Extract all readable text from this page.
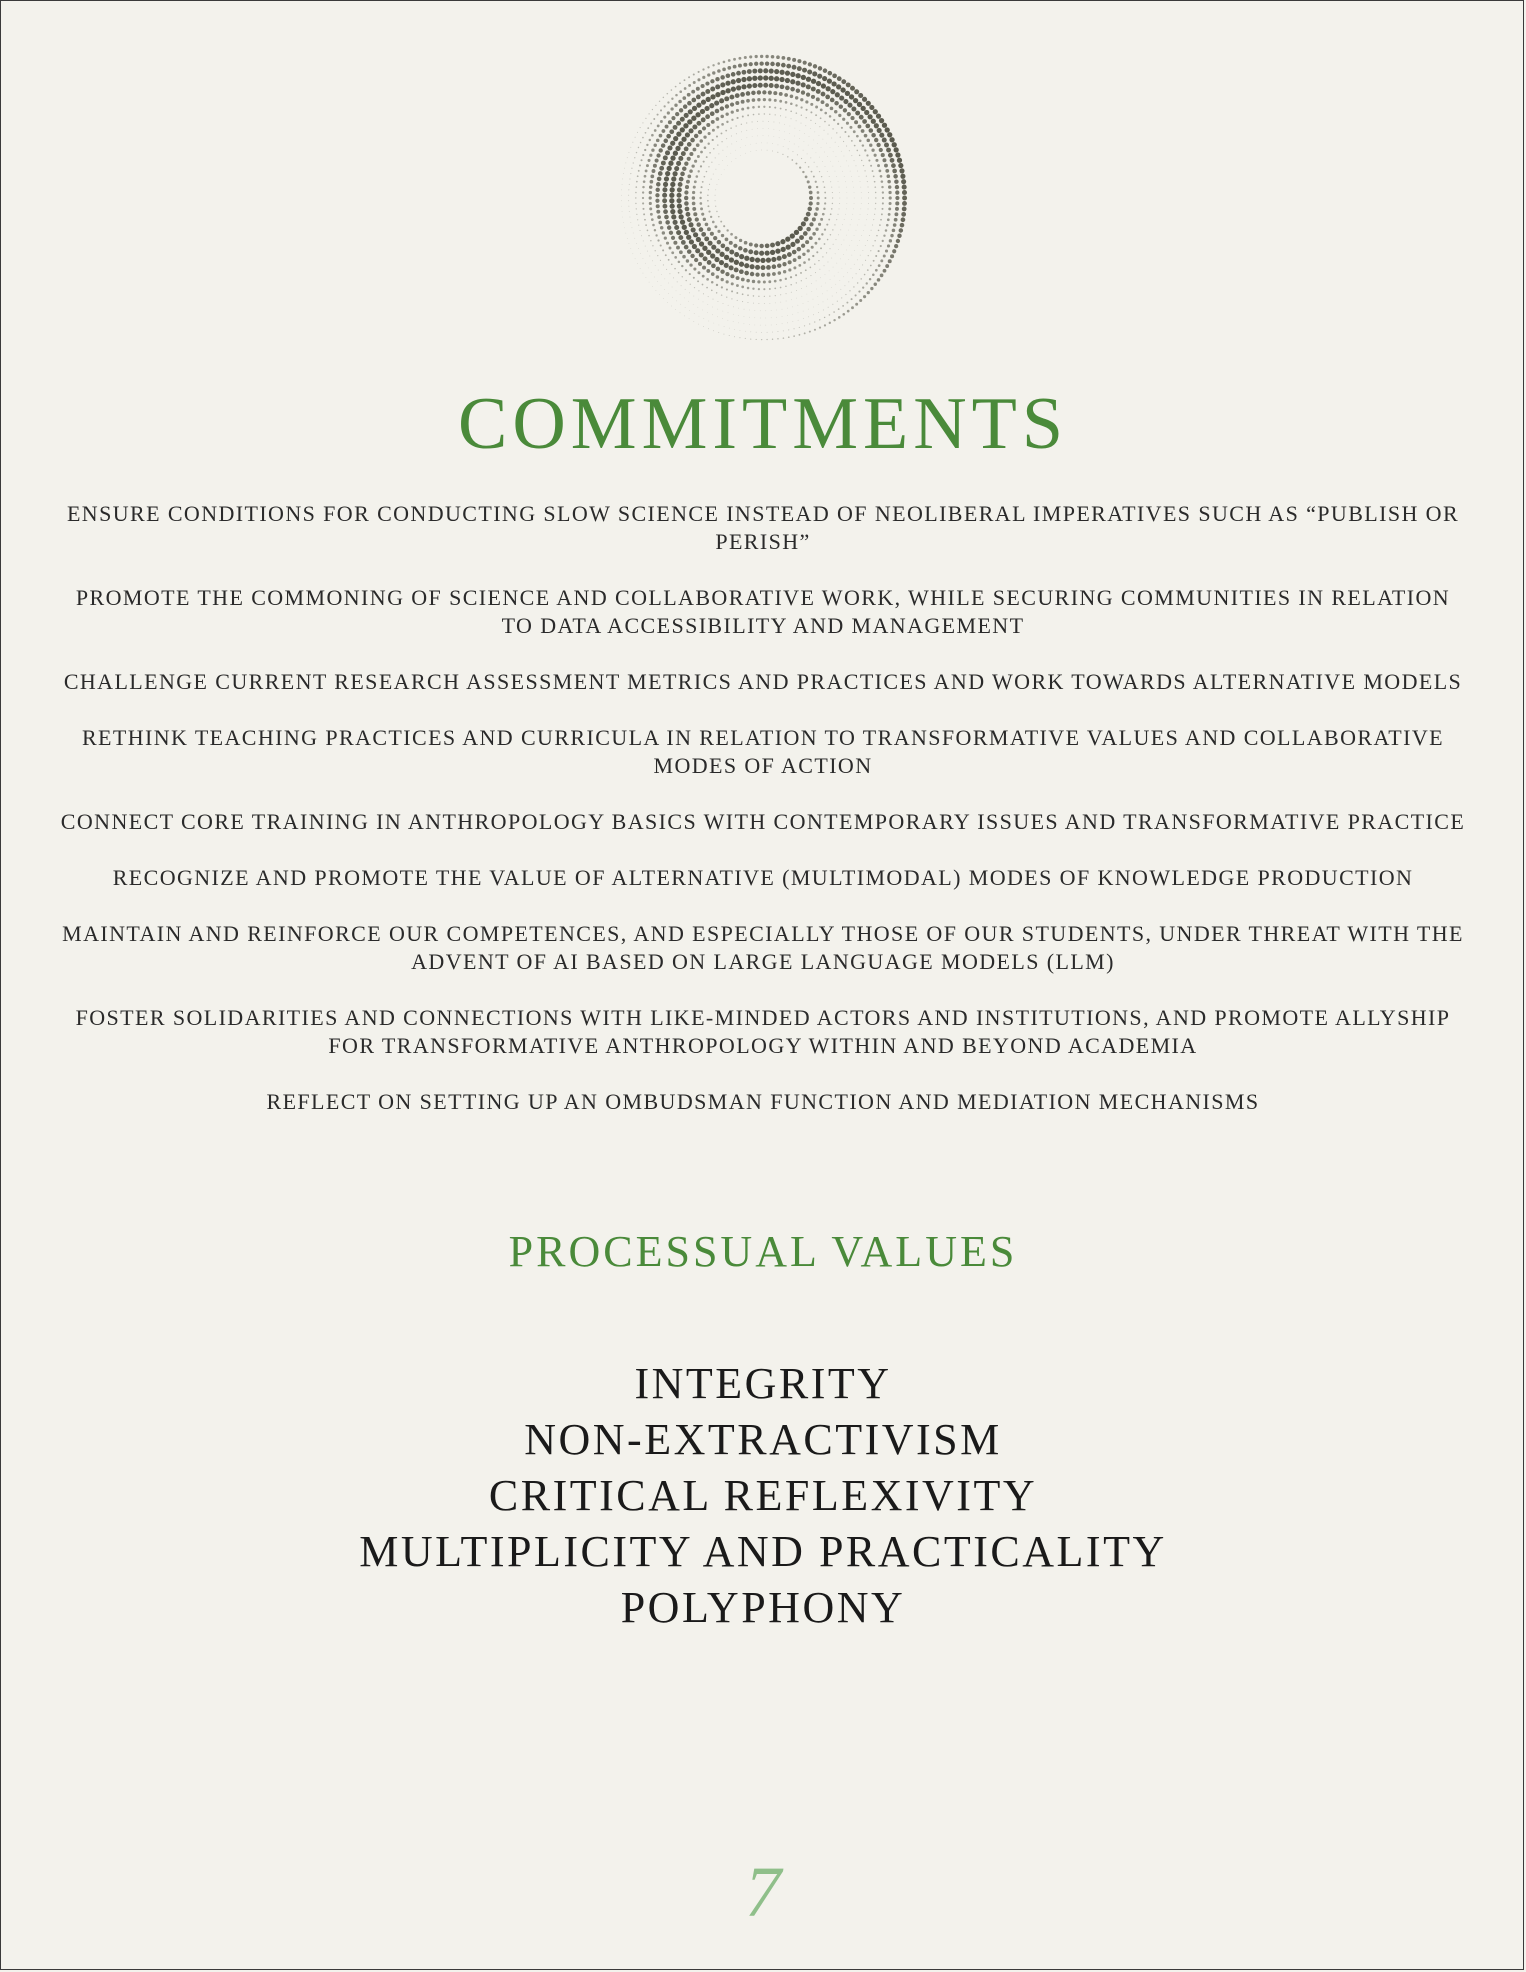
COMMITMENTS
ENSURE CONDITIONS FOR CONDUCTING SLOW SCIENCE INSTEAD OF NEOLIBERAL IMPERATIVES SUCH AS “PUBLISH OR PERISH”
PROMOTE THE COMMONING OF SCIENCE AND COLLABORATIVE WORK, WHILE SECURING COMMUNITIES IN RELATION TO DATA ACCESSIBILITY AND MANAGEMENT
CHALLENGE CURRENT RESEARCH ASSESSMENT METRICS AND PRACTICES AND WORK TOWARDS ALTERNATIVE MODELS
RETHINK TEACHING PRACTICES AND CURRICULA IN RELATION TO TRANSFORMATIVE VALUES AND COLLABORATIVE MODES OF ACTION
CONNECT CORE TRAINING IN ANTHROPOLOGY BASICS WITH CONTEMPORARY ISSUES AND TRANSFORMATIVE PRACTICE
RECOGNIZE AND PROMOTE THE VALUE OF ALTERNATIVE (MULTIMODAL) MODES OF KNOWLEDGE PRODUCTION
MAINTAIN AND REINFORCE OUR COMPETENCES, AND ESPECIALLY THOSE OF OUR STUDENTS, UNDER THREAT WITH THE ADVENT OF AI BASED ON LARGE LANGUAGE MODELS (LLM)
FOSTER SOLIDARITIES AND CONNECTIONS WITH LIKE-MINDED ACTORS AND INSTITUTIONS, AND PROMOTE ALLYSHIP FOR TRANSFORMATIVE ANTHROPOLOGY WITHIN AND BEYOND ACADEMIA
REFLECT ON SETTING UP AN OMBUDSMAN FUNCTION AND MEDIATION MECHANISMS
PROCESSUAL VALUES
INTEGRITY
NON-EXTRACTIVISM
CRITICAL REFLEXIVITY
MULTIPLICITY AND PRACTICALITY
POLYPHONY
7
